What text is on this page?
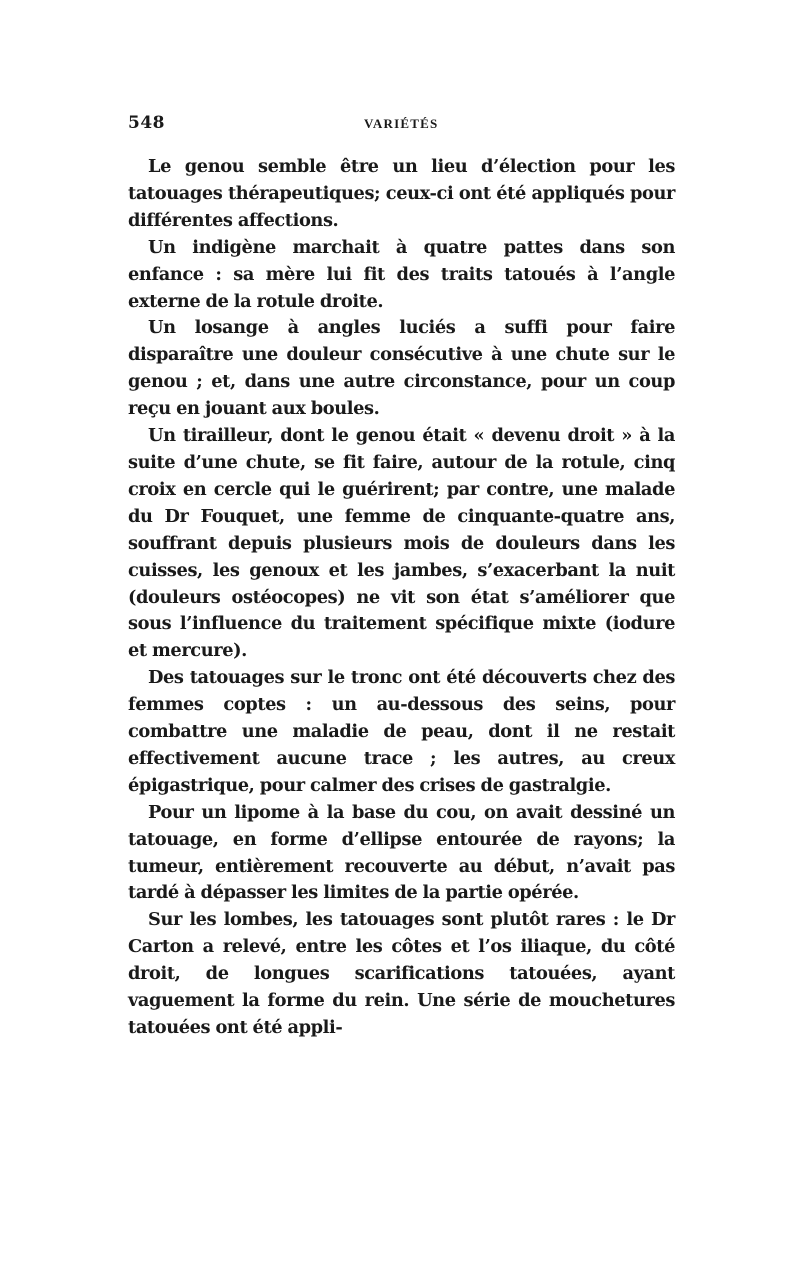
548	VARIÉTÉS

Le genou semble être un lieu d’élection pour les tatouages thérapeutiques; ceux-ci ont été appliqués pour différentes affections.

Un indigène marchait à quatre pattes dans son enfance : sa mère lui fit des traits tatoués à l’angle externe de la rotule droite.

Un losange à angles luciés a suffi pour faire disparaître une douleur consécutive à une chute sur le genou ; et, dans une autre circonstance, pour un coup reçu en jouant aux boules.

Un tirailleur, dont le genou était « devenu droit » à la suite d’une chute, se fit faire, autour de la rotule, cinq croix en cercle qui le guérirent; par contre, une malade du Dr Fouquet, une femme de cinquante-quatre ans, souffrant depuis plusieurs mois de douleurs dans les cuisses, les genoux et les jambes, s’exacerbant la nuit (douleurs ostéocopes) ne vit son état s’améliorer que sous l’influence du traitement spécifique mixte (iodure et mercure).

Des tatouages sur le tronc ont été découverts chez des femmes coptes : un au-dessous des seins, pour combattre une maladie de peau, dont il ne restait effectivement aucune trace ; les autres, au creux épigastrique, pour calmer des crises de gastralgie.

Pour un lipome à la base du cou, on avait dessiné un tatouage, en forme d’ellipse entourée de rayons; la tumeur, entièrement recouverte au début, n’avait pas tardé à dépasser les limites de la partie opérée.

Sur les lombes, les tatouages sont plutôt rares : le Dr Carton a relevé, entre les côtes et l’os iliaque, du côté droit, de longues scarifications tatouées, ayant vaguement la forme du rein. Une série de mouchetures tatouées ont été appli-
